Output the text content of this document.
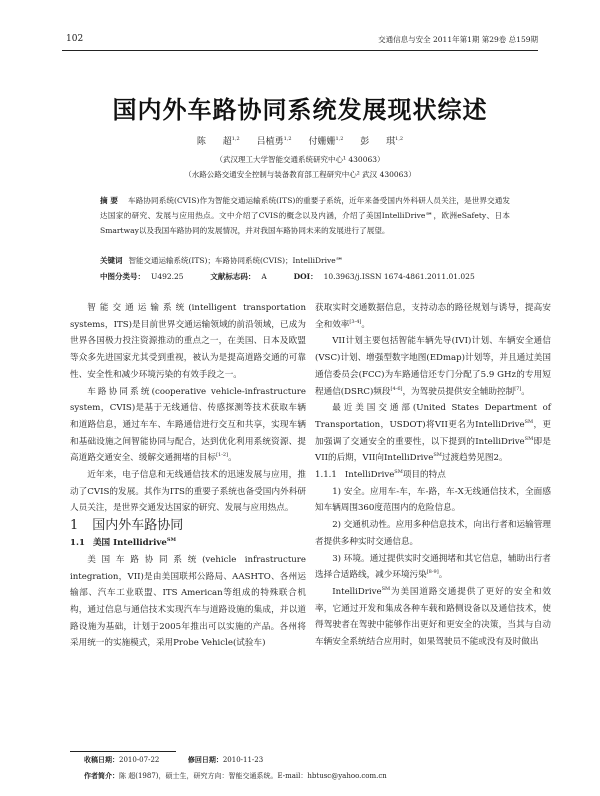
102	交通信息与安全 2011年第1期 第29卷 总159期
国内外车路协同系统发展现状综述
陈 超$^{1,2}$ 吕植勇$^{1,2}$ 付姗姗$^{1,2}$ 彭 琪$^{1,2}$
（武汉理工大学智能交通系统研究中心¹ 430063）
（水路公路交通安全控制与装备教育部工程研究中心² 武汉 430063）
摘 要 车路协同系统(CVIS)作为智能交通运输系统(ITS)的重要子系统，近年来备受国内外科研人员关注，是世界交通发达国家的研究、发展与应用热点。文中介绍了CVIS的概念以及内涵，介绍了美国IntelliDrive℠，欧洲eSafety、日本Smartway以及我国车路协同的发展情况，并对我国车路协同未来的发展进行了展望。
关键词 智能交通运输系统(ITS)；车路协同系统(CVIS)；IntelliDrive℠
中图分类号： U492.25	文献标志码： A	DOI： 10.3963/j.ISSN 1674-4861.2011.01.025

智能交通运输系统(intelligent transportation systems，ITS)是目前世界交通运输领域的前沿领域，已成为世界各国极力投注资源推动的重点之一，在美国、日本及欧盟等众多先进国家尤其受到重视，被认为是提高道路交通的可靠性、安全性和减少环境污染的有效手段之一。

车路协同系统(cooperative vehicle-infrastructure system，CVIS)是基于无线通信、传感探测等技术获取车辆和道路信息，通过车车、车路通信进行交互和共享，实现车辆和基础设施之间智能协同与配合，达到优化利用系统资源、提高道路交通安全、缓解交通拥堵的目标[1-2]。

近年来，电子信息和无线通信技术的迅速发展与应用，推动了CVIS的发展。其作为ITS的重要子系统也备受国内外科研人员关注，是世界交通发达国家的研究、发展与应用热点。

1 国内外车路协同

1.1 美国 Intellidrive℠

美国车路协同系统(vehicle infrastructure integration，VII)是由美国联邦公路局、AASHTO、各州运输部、汽车工业联盟、ITS American等组成的特殊联合机构，通过信息与通信技术实现汽车与道路设施的集成，并以道路设施为基础，计划于2005年推出可以实施的产品。各州将采用统一的实施模式，采用Probe Vehicle(试验车)

获取实时交通数据信息，支持动态的路径规划与诱导，提高安全和效率[3-4]。

VII计划主要包括智能车辆先导(IVI)计划、车辆安全通信(VSC)计划、增强型数字地图(EDmap)计划等，并且通过美国通信委员会(FCC)为车路通信还专门分配了5.9 GHz的专用短程通信(DSRC)频段[4-6]，为驾驶员提供安全辅助控制[7]。

最近美国交通部(United States Department of Transportation，USDOT)将VII更名为IntelliDrive℠，更加强调了交通安全的重要性，以下提到的IntelliDrive℠即是VII的后期，VII向IntelliDrive℠过渡趋势见图2。

1.1.1 IntelliDrive℠项目的特点

1) 安全。应用车-车，车-路，车-X无线通信技术，全面感知车辆周围360度范围内的危险信息。

2) 交通机动性。应用多种信息技术，向出行者和运输管理者提供多种实时交通信息。

3) 环境。通过提供实时交通拥堵和其它信息，辅助出行者选择合适路线，减少环境污染[8-9]。

IntelliDrive℠为美国道路交通提供了更好的安全和效率，它通过开发和集成各种车载和路侧设备以及通信技术，使得驾驶者在驾驶中能够作出更好和更安全的决策，当其与自动车辆安全系统结合应用时，如果驾驶员不能或没有及时做出

收稿日期：2010-07-22	修回日期：2010-11-23
作者简介：陈 超(1987)，硕士生，研究方向：智能交通系统。E-mail：hbtusc@yahoo.com.cn
